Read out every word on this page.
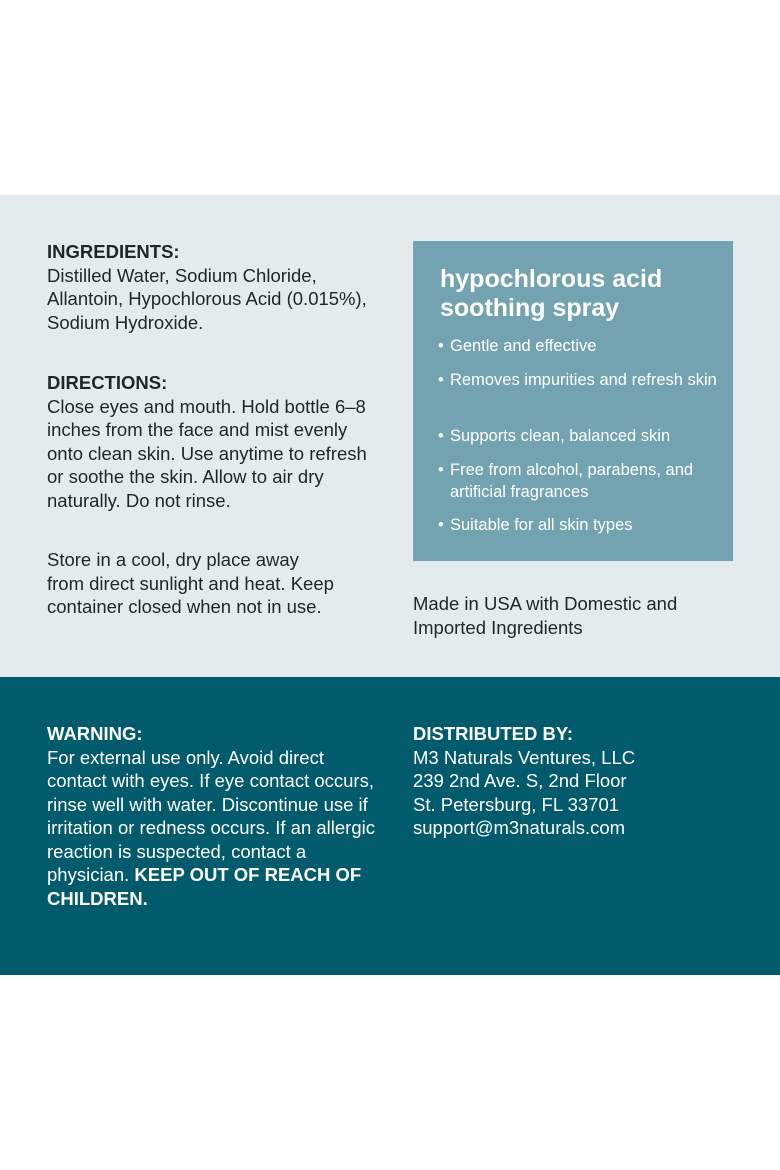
INGREDIENTS:
Distilled Water, Sodium Chloride, Allantoin, Hypochlorous Acid (0.015%), Sodium Hydroxide.
DIRECTIONS:
Close eyes and mouth. Hold bottle 6–8 inches from the face and mist evenly onto clean skin. Use anytime to refresh or soothe the skin. Allow to air dry naturally. Do not rinse.
Store in a cool, dry place away from direct sunlight and heat. Keep container closed when not in use.
hypochlorous acid soothing spray
• Gentle and effective
• Removes impurities and refresh skin
• Supports clean, balanced skin
• Free from alcohol, parabens, and artificial fragrances
• Suitable for all skin types
Made in USA with Domestic and Imported Ingredients
WARNING:
For external use only. Avoid direct contact with eyes. If eye contact occurs, rinse well with water. Discontinue use if irritation or redness occurs. If an allergic reaction is suspected, contact a physician. KEEP OUT OF REACH OF CHILDREN.
DISTRIBUTED BY:
M3 Naturals Ventures, LLC
239 2nd Ave. S, 2nd Floor
St. Petersburg, FL 33701
support@m3naturals.com
